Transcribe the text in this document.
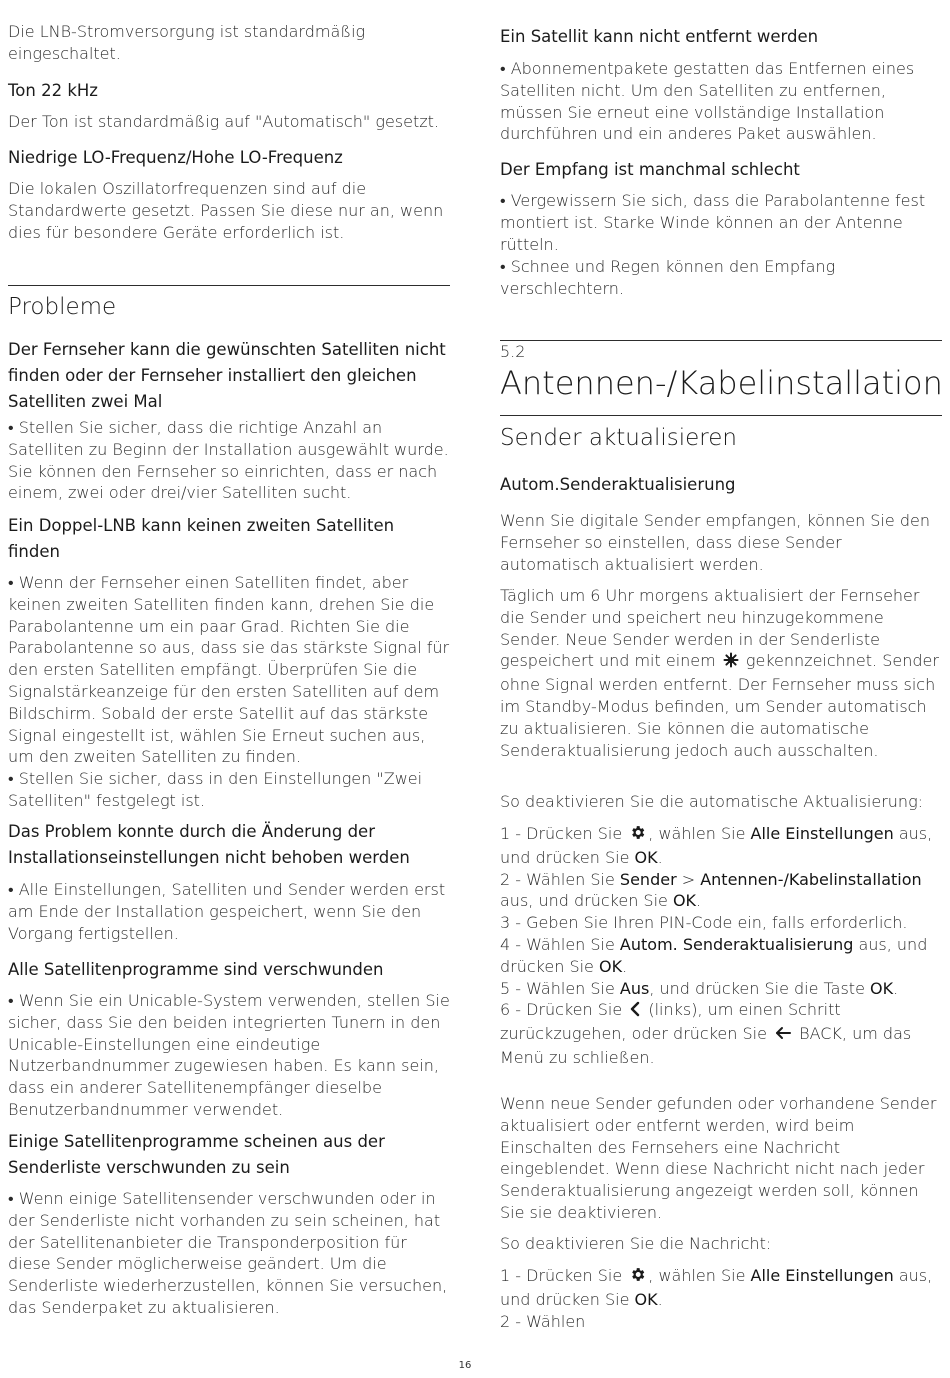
Die LNB-Stromversorgung ist standardmäßig eingeschaltet.
Ton 22 kHz
Der Ton ist standardmäßig auf "Automatisch" gesetzt.
Niedrige LO-Frequenz/Hohe LO-Frequenz
Die lokalen Oszillatorfrequenzen sind auf die Standardwerte gesetzt. Passen Sie diese nur an, wenn dies für besondere Geräte erforderlich ist.
Probleme
Der Fernseher kann die gewünschten Satelliten nicht finden oder der Fernseher installiert den gleichen Satelliten zwei Mal
• Stellen Sie sicher, dass die richtige Anzahl an Satelliten zu Beginn der Installation ausgewählt wurde. Sie können den Fernseher so einrichten, dass er nach einem, zwei oder drei/vier Satelliten sucht.
Ein Doppel-LNB kann keinen zweiten Satelliten finden
• Wenn der Fernseher einen Satelliten findet, aber keinen zweiten Satelliten finden kann, drehen Sie die Parabolantenne um ein paar Grad. Richten Sie die Parabolantenne so aus, dass sie das stärkste Signal für den ersten Satelliten empfängt. Überprüfen Sie die Signalstärkeanzeige für den ersten Satelliten auf dem Bildschirm. Sobald der erste Satellit auf das stärkste Signal eingestellt ist, wählen Sie Erneut suchen aus, um den zweiten Satelliten zu finden.
• Stellen Sie sicher, dass in den Einstellungen "Zwei Satelliten" festgelegt ist.
Das Problem konnte durch die Änderung der Installationseinstellungen nicht behoben werden
• Alle Einstellungen, Satelliten und Sender werden erst am Ende der Installation gespeichert, wenn Sie den Vorgang fertigstellen.
Alle Satellitenprogramme sind verschwunden
• Wenn Sie ein Unicable-System verwenden, stellen Sie sicher, dass Sie den beiden integrierten Tunern in den Unicable-Einstellungen eine eindeutige Nutzerbandnummer zugewiesen haben. Es kann sein, dass ein anderer Satellitenempfänger dieselbe Benutzerbandnummer verwendet.
Einige Satellitenprogramme scheinen aus der Senderliste verschwunden zu sein
• Wenn einige Satellitensender verschwunden oder in der Senderliste nicht vorhanden zu sein scheinen, hat der Satellitenanbieter die Transponderposition für diese Sender möglicherweise geändert. Um die Senderliste wiederherzustellen, können Sie versuchen, das Senderpaket zu aktualisieren.
Ein Satellit kann nicht entfernt werden
• Abonnementpakete gestatten das Entfernen eines Satelliten nicht. Um den Satelliten zu entfernen, müssen Sie erneut eine vollständige Installation durchführen und ein anderes Paket auswählen.
Der Empfang ist manchmal schlecht
• Vergewissern Sie sich, dass die Parabolantenne fest montiert ist. Starke Winde können an der Antenne rütteln.
• Schnee und Regen können den Empfang verschlechtern.
5.2
Antennen-/Kabelinstallation
Sender aktualisieren
Autom.Senderaktualisierung
Wenn Sie digitale Sender empfangen, können Sie den Fernseher so einstellen, dass diese Sender automatisch aktualisiert werden.
Täglich um 6 Uhr morgens aktualisiert der Fernseher die Sender und speichert neu hinzugekommene Sender. Neue Sender werden in der Senderliste gespeichert und mit einem  gekennzeichnet. Sender ohne Signal werden entfernt. Der Fernseher muss sich im Standby-Modus befinden, um Sender automatisch zu aktualisieren. Sie können die automatische Senderaktualisierung jedoch auch ausschalten.
So deaktivieren Sie die automatische Aktualisierung:
1 - Drücken Sie , wählen Sie Alle Einstellungen aus, und drücken Sie OK.
2 - Wählen Sie Sender > Antennen-/Kabelinstallation aus, und drücken Sie OK.
3 - Geben Sie Ihren PIN-Code ein, falls erforderlich.
4 - Wählen Sie Autom. Senderaktualisierung aus, und drücken Sie OK.
5 - Wählen Sie Aus, und drücken Sie die Taste OK.
6 - Drücken Sie  (links), um einen Schritt zurückzugehen, oder drücken Sie  BACK, um das Menü zu schließen.
Wenn neue Sender gefunden oder vorhandene Sender aktualisiert oder entfernt werden, wird beim Einschalten des Fernsehers eine Nachricht eingeblendet. Wenn diese Nachricht nicht nach jeder Senderaktualisierung angezeigt werden soll, können Sie sie deaktivieren.
So deaktivieren Sie die Nachricht:
1 - Drücken Sie , wählen Sie Alle Einstellungen aus, und drücken Sie OK.
2 - Wählen
16
